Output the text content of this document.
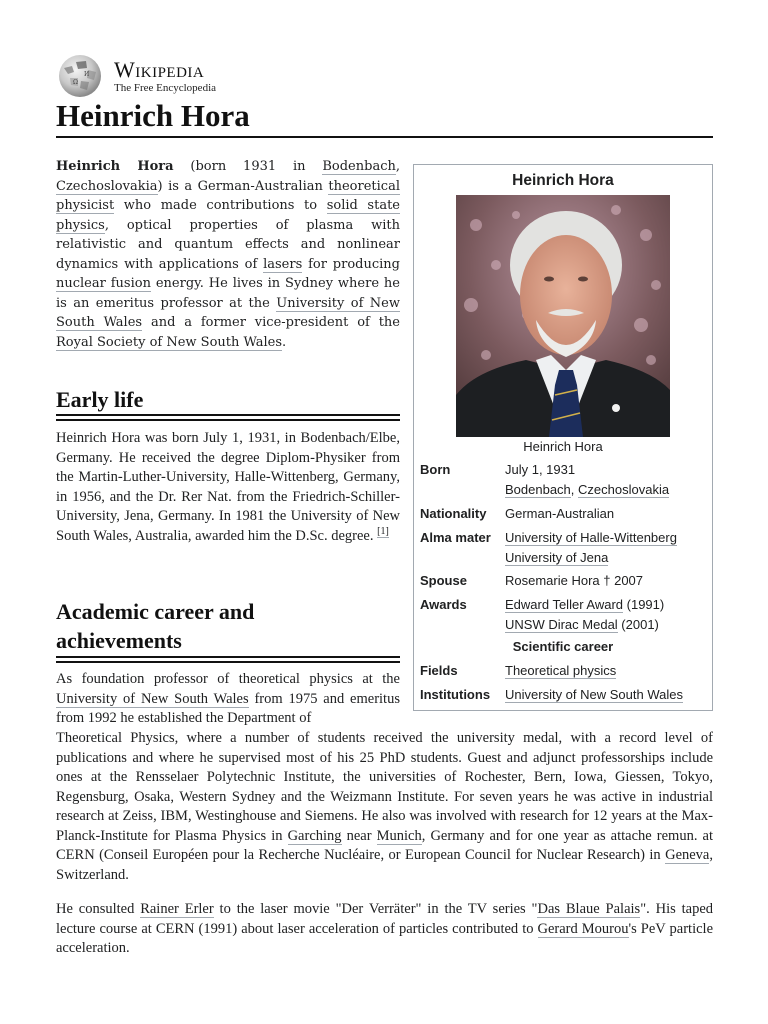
Ω
И Wikipedia
The Free Encyclopedia
Heinrich Hora

Heinrich Hora (born 1931 in Bodenbach, Czechoslovakia) is a German-Australian theoretical physicist who made contributions to solid state physics, optical properties of plasma with relativistic and quantum effects and nonlinear dynamics with applications of lasers for producing nuclear fusion energy. He lives in Sydney where he is an emeritus professor at the University of New South Wales and a former vice-president of the Royal Society of New South Wales.

Early life

Heinrich Hora was born July 1, 1931, in Bodenbach/Elbe, Germany. He received the degree Diplom-Physiker from the Martin-Luther-University, Halle-Wittenberg, Germany, in 1956, and the Dr. Rer Nat. from the Friedrich-Schiller-University, Jena, Germany. In 1981 the University of New South Wales, Australia, awarded him the D.Sc. degree. [1]

Academic career and
achievements

As foundation professor of theoretical physics at the University of New South Wales from 1975 and emeritus from 1992 he established the Department of

Theoretical Physics, where a number of students received the university medal, with a record level of publications and where he supervised most of his 25 PhD students. Guest and adjunct professorships include ones at the Rensselaer Polytechnic Institute, the universities of Rochester, Bern, Iowa, Giessen, Tokyo, Regensburg, Osaka, Western Sydney and the Weizmann Institute. For seven years he was active in industrial research at Zeiss, IBM, Westinghouse and Siemens. He also was involved with research for 12 years at the Max-Planck-Institute for Plasma Physics in Garching near Munich, Germany and for one year as attache remun. at CERN (Conseil Européen pour la Recherche Nucléaire, or European Council for Nuclear Research) in Geneva, Switzerland.

He consulted Rainer Erler to the laser movie "Der Verräter" in the TV series "Das Blaue Palais". His taped lecture course at CERN (1991) about laser acceleration of particles contributed to Gerard Mourou's PeV particle acceleration.

Heinrich Hora
Heinrich Hora
Born	July 1, 1931
Bodenbach, Czechoslovakia
Nationality German-Australian
Alma mater University of Halle-Wittenberg
University of Jena
Spouse	Rosemarie Hora † 2007
Awards	Edward Teller Award (1991)
UNSW Dirac Medal (2001)
Scientific career
Fields	Theoretical physics
Institutions University of New South Wales
